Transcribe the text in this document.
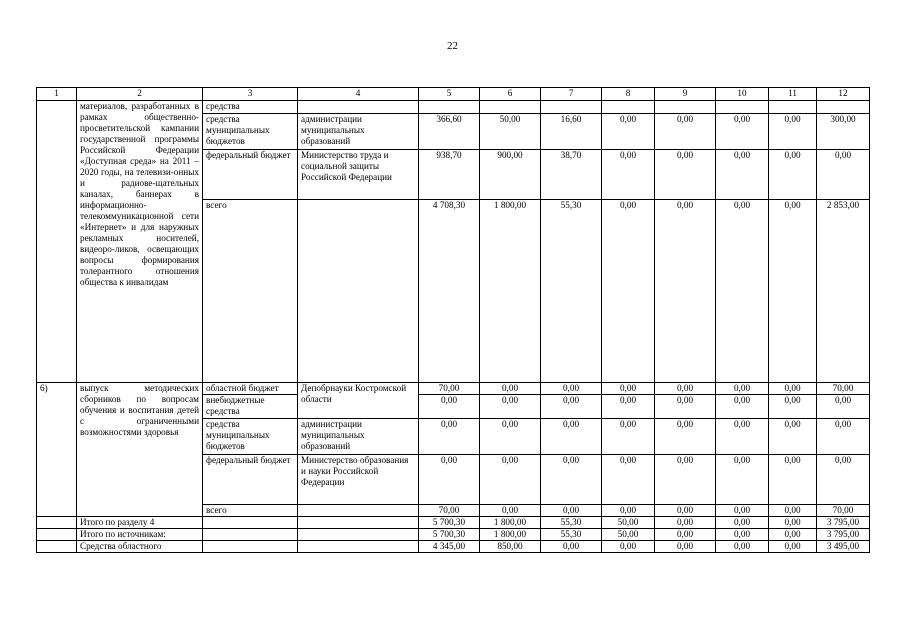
22
1	2	3	4	5	6	7	8	9	10	11	12
	материалов, разработанных в рамках общественно-просветительской кампании государственной программы Российской Федерации «Доступная среда» на 2011 – 2020 годы, на телевизи-онных и радиове-щательных каналах, баннерах в информационно-телекоммуникационной сети «Интернет» и для наружных рекламных носителей, видеоро-ликов, освещающих вопросы формирования толерантного отношения общества к инвалидам	средства									
		средства муниципальных бюджетов	администрации муниципальных образований	366,60	50,00	16,60	0,00	0,00	0,00	0,00	300,00
		федеральный бюджет	Министерство труда и социальной защиты Российской Федерации	938,70	900,00	38,70	0,00	0,00	0,00	0,00	0,00
		всего		4 708,30	1 800,00	55,30	0,00	0,00	0,00	0,00	2 853,00
6)	выпуск методических сборников по вопросам обучения и воспитания детей с ограниченными возможностями здоровья	областной бюджет	Депобрнауки Костромской области	70,00	0,00	0,00	0,00	0,00	0,00	0,00	70,00
		внебюджетные средства		0,00	0,00	0,00	0,00	0,00	0,00	0,00	0,00
		средства муниципальных бюджетов	администрации муниципальных образований	0,00	0,00	0,00	0,00	0,00	0,00	0,00	0,00
		федеральный бюджет	Министерство образования и науки Российской Федерации	0,00	0,00	0,00	0,00	0,00	0,00	0,00	0,00
		всего		70,00	0,00	0,00	0,00	0,00	0,00	0,00	70,00
	Итого по разделу 4			5 700,30	1 800,00	55,30	50,00	0,00	0,00	0,00	3 795,00
	Итого по источникам:			5 700,30	1 800,00	55,30	50,00	0,00	0,00	0,00	3 795,00
	Средства областного			4 345,00	850,00	0,00	0,00	0,00	0,00	0,00	3 495,00
